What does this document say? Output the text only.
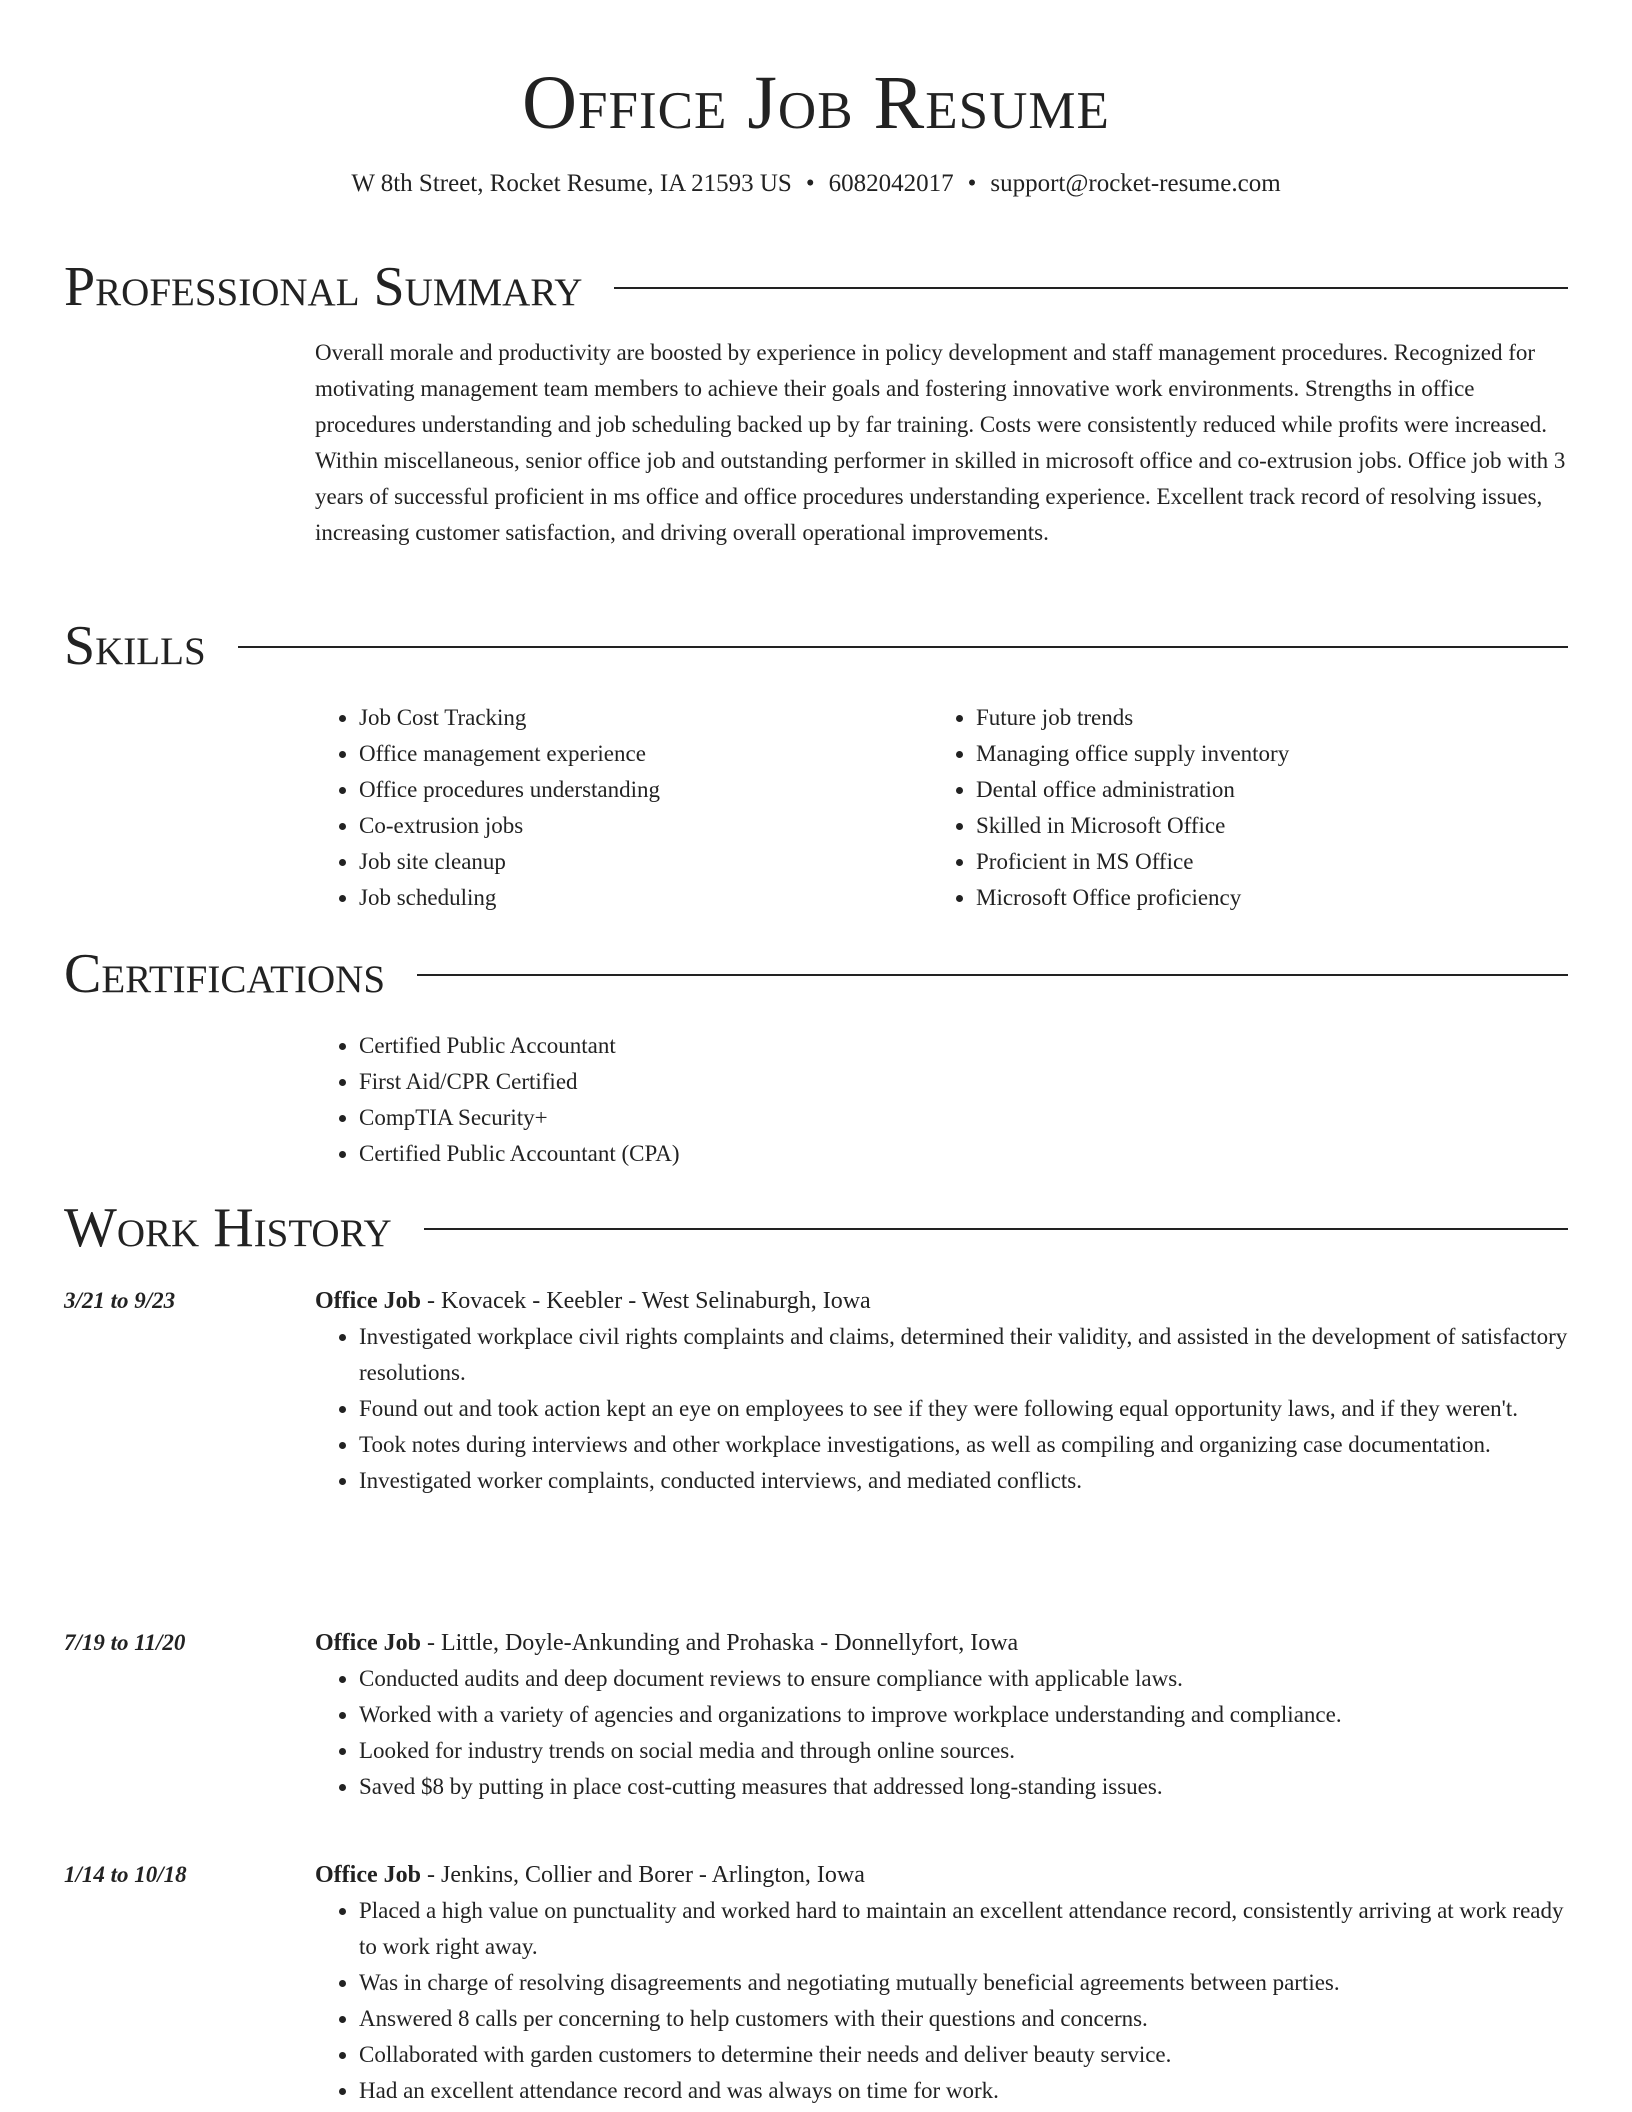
Office Job Resume
W 8th Street, Rocket Resume, IA 21593 US • 6082042017 • support@rocket-resume.com
Professional Summary

Overall morale and productivity are boosted by experience in policy development and staff management procedures. Recognized for motivating management team members to achieve their goals and fostering innovative work environments. Strengths in office procedures understanding and job scheduling backed up by far training. Costs were consistently reduced while profits were increased. Within miscellaneous, senior office job and outstanding performer in skilled in microsoft office and co-extrusion jobs. Office job with 3 years of successful proficient in ms office and office procedures understanding experience. Excellent track record of resolving issues, increasing customer satisfaction, and driving overall operational improvements.

Skills
• Job Cost Tracking
• Office management experience
• Office procedures understanding
• Co-extrusion jobs
• Job site cleanup
• Job scheduling
• Future job trends
• Managing office supply inventory
• Dental office administration
• Skilled in Microsoft Office
• Proficient in MS Office
• Microsoft Office proficiency
Certifications
• Certified Public Accountant
• First Aid/CPR Certified
• CompTIA Security+
• Certified Public Accountant (CPA)
Work History
3/21 to 9/23	Office Job - Kovacek - Keebler - West Selinaburgh, Iowa
• Investigated workplace civil rights complaints and claims, determined their validity, and assisted in the development of satisfactory resolutions.
• Found out and took action kept an eye on employees to see if they were following equal opportunity laws, and if they weren't.
• Took notes during interviews and other workplace investigations, as well as compiling and organizing case documentation.
• Investigated worker complaints, conducted interviews, and mediated conflicts.
7/19 to 11/20	Office Job - Little, Doyle-Ankunding and Prohaska - Donnellyfort, Iowa
• Conducted audits and deep document reviews to ensure compliance with applicable laws.
• Worked with a variety of agencies and organizations to improve workplace understanding and compliance.
• Looked for industry trends on social media and through online sources.
• Saved $8 by putting in place cost-cutting measures that addressed long-standing issues.
1/14 to 10/18	Office Job - Jenkins, Collier and Borer - Arlington, Iowa
• Placed a high value on punctuality and worked hard to maintain an excellent attendance record, consistently arriving at work ready to work right away.
• Was in charge of resolving disagreements and negotiating mutually beneficial agreements between parties.
• Answered 8 calls per concerning to help customers with their questions and concerns.
• Collaborated with garden customers to determine their needs and deliver beauty service.
• Had an excellent attendance record and was always on time for work.
